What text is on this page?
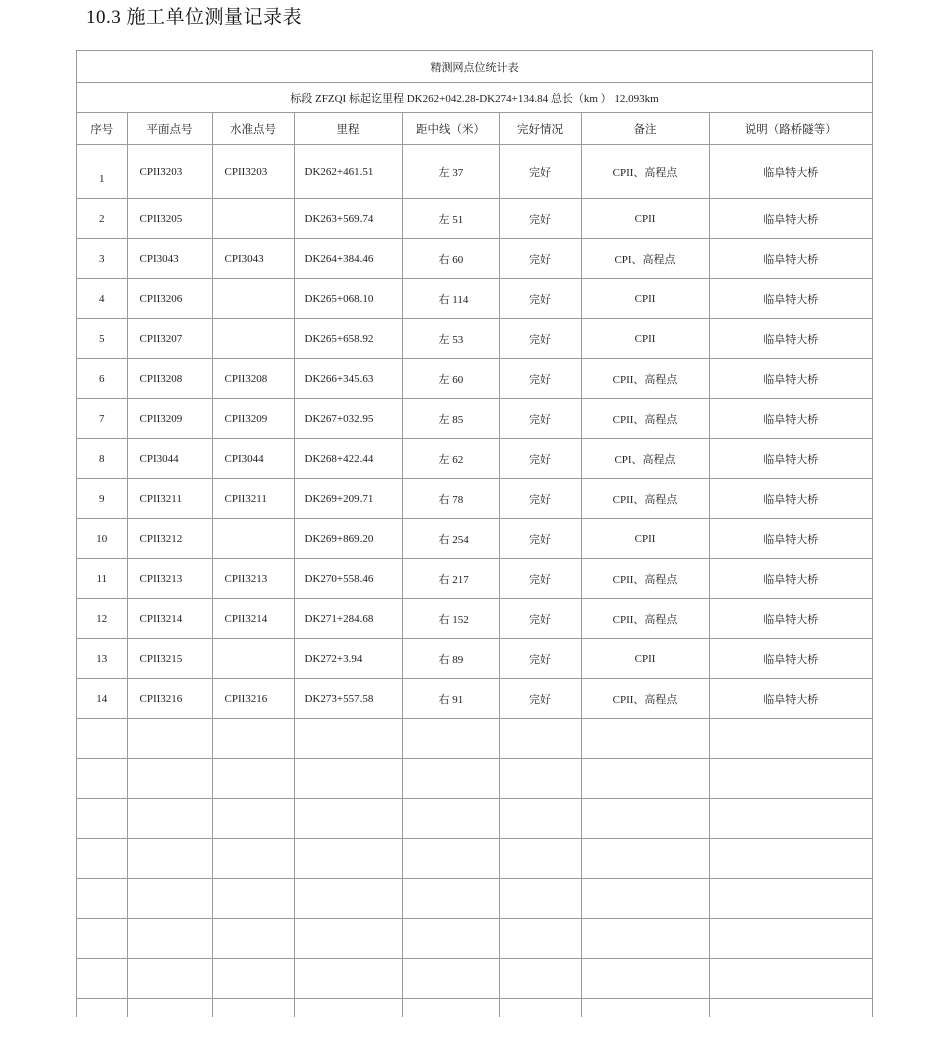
10.3 施工单位测量记录表
精测网点位统计表							
标段 ZFZQI 标起讫里程 DK262+042.28-DK274+134.84 总长（km ） 12.093km							
序号	平面点号	水准点号	里程	距中线（米）	完好情况	备注	说明（路桥隧等）
1	CPII3203	CPII3203	DK262+461.51	左 37	完好	CPII、高程点	临阜特大桥
2	CPII3205		DK263+569.74	左 51	完好	CPII	临阜特大桥
3	CPI3043	CPI3043	DK264+384.46	右 60	完好	CPI、高程点	临阜特大桥
4	CPII3206		DK265+068.10	右 114	完好	CPII	临阜特大桥
5	CPII3207		DK265+658.92	左 53	完好	CPII	临阜特大桥
6	CPII3208	CPII3208	DK266+345.63	左 60	完好	CPII、高程点	临阜特大桥
7	CPII3209	CPII3209	DK267+032.95	左 85	完好	CPII、高程点	临阜特大桥
8	CPI3044	CPI3044	DK268+422.44	左 62	完好	CPI、高程点	临阜特大桥
9	CPII3211	CPII3211	DK269+209.71	右 78	完好	CPII、高程点	临阜特大桥
10	CPII3212		DK269+869.20	右 254	完好	CPII	临阜特大桥
11	CPII3213	CPII3213	DK270+558.46	右 217	完好	CPII、高程点	临阜特大桥
12	CPII3214	CPII3214	DK271+284.68	右 152	完好	CPII、高程点	临阜特大桥
13	CPII3215		DK272+3.94	右 89	完好	CPII	临阜特大桥
14	CPII3216	CPII3216	DK273+557.58	右 91	完好	CPII、高程点	临阜特大桥
